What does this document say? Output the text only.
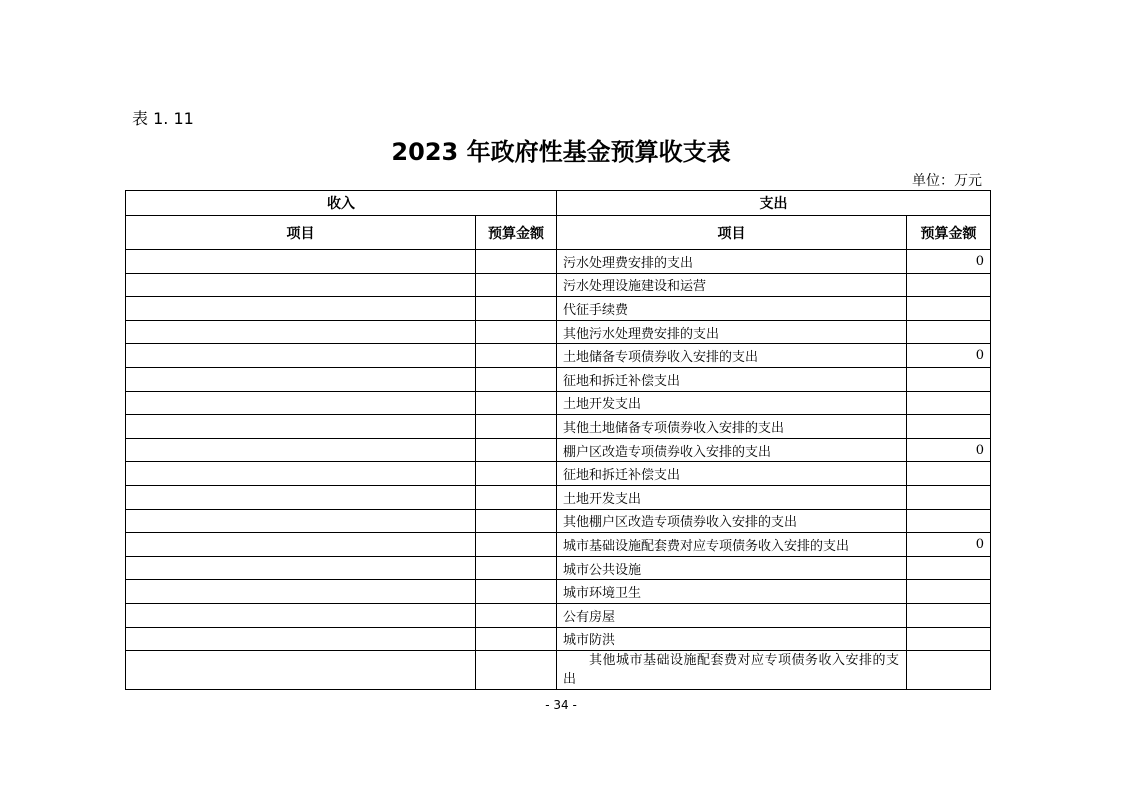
表 1. 11
2023 年政府性基金预算收支表
单位：万元
收入		支出	
项目	预算金额	项目	预算金额
		污水处理费安排的支出	0
		污水处理设施建设和运营	
		代征手续费	
		其他污水处理费安排的支出	
		土地储备专项债券收入安排的支出	0
		征地和拆迁补偿支出	
		土地开发支出	
		其他土地储备专项债券收入安排的支出	
		棚户区改造专项债券收入安排的支出	0
		征地和拆迁补偿支出	
		土地开发支出	
		其他棚户区改造专项债券收入安排的支出	
		城市基础设施配套费对应专项债务收入安排的支出	0
		城市公共设施	
		城市环境卫生	
		公有房屋	
		城市防洪	
		其他城市基础设施配套费对应专项债务收入安排的支出	
- 34 -
